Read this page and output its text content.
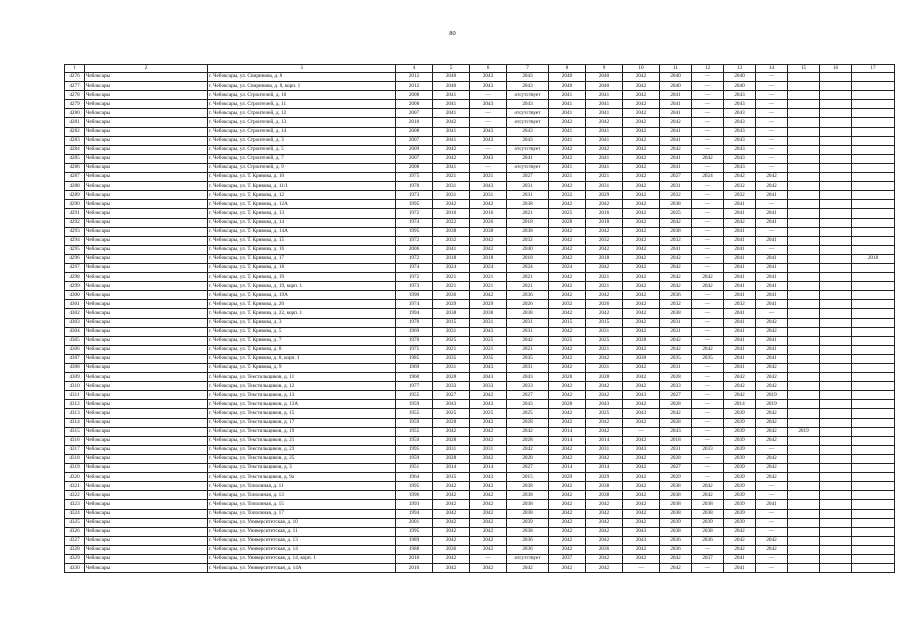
80
1	2	3	4	5	6	7	8	9	10	11	12	13	14	15	16	17
4276	Чебоксары	г. Чебоксары, ул. Спиринова, д. 8	2012	2040	2043	2043	2040	2040	2042	2040	—	2040	—			
4277	Чебоксары	г. Чебоксары, ул. Спиринова, д. 8, корп. 1	2012	2040	2043	2043	2040	2040	2042	2040	—	2040	—			
4278	Чебоксары	г. Чебоксары, ул. Строителей, д. 10	2008	2041	—	отсутствует	2041	2041	2042	2041	—	2043	—			
4279	Чебоксары	г. Чебоксары, ул. Строителей, д. 11	2008	2041	2043	2043	2041	2041	2042	2041	—	2043	—			
4280	Чебоксары	г. Чебоксары, ул. Строителей, д. 12	2007	2041	—	отсутствует	2041	2041	2042	2041	—	2043	—			
4281	Чебоксары	г. Чебоксары, ул. Строителей, д. 13	2010	2042	—	отсутствует	2042	2042	2042	2042	—	2043	—			
4282	Чебоксары	г. Чебоксары, ул. Строителей, д. 14	2008	2041	2043	2043	2041	2041	2042	2041	—	2043	—			
4283	Чебоксары	г. Чебоксары, ул. Строителей, д. 3	2007	2041	2043	2043	2041	2041	2042	2041	—	2043	—			
4284	Чебоксары	г. Чебоксары, ул. Строителей, д. 5	2009	2042	—	отсутствует	2042	2042	2042	2042	—	2043	—			
4285	Чебоксары	г. Чебоксары, ул. Строителей, д. 7	2007	2042	2043	2041	2042	2041	2042	2041	2042	2043	—			
4286	Чебоксары	г. Чебоксары, ул. Строителей, д. 9	2008	2041	—	отсутствует	2041	2041	2042	2041	—	2043	—			
4287	Чебоксары	г. Чебоксары, ул. Т. Кривова, д. 10	1975	2021	2021	2027	2021	2021	2042	2027	2024	2042	2042			
4288	Чебоксары	г. Чебоксары, ул. Т. Кривова, д. 11/1	1970	2031	2043	2031	2042	2031	2042	2031	—	2032	2042			
4289	Чебоксары	г. Чебоксары, ул. Т. Кривова, д. 12	1973	2031	2031	2031	2032	2029	2042	2032	—	2032	2041			
4290	Чебоксары	г. Чебоксары, ул. Т. Кривова, д. 12А	1995	2042	2042	2038	2042	2042	2042	2038	—	2041	—			
4291	Чебоксары	г. Чебоксары, ул. Т. Кривова, д. 13	1972	2016	2016	2021	2025	2016	2042	2025	—	2041	2041			
4292	Чебоксары	г. Чебоксары, ул. Т. Кривова, д. 14	1974	2022	2026	2018	2028	2018	2042	2042	—	2042	2041			
4293	Чебоксары	г. Чебоксары, ул. Т. Кривова, д. 14А	1995	2038	2038	2038	2042	2042	2042	2038	—	2041	—			
4294	Чебоксары	г. Чебоксары, ул. Т. Кривова, д. 15	1972	2032	2042	2032	2042	2032	2042	2032	—	2041	2041			
4295	Чебоксары	г. Чебоксары, ул. Т. Кривова, д. 16	2006	2041	2042	2040	2042	2042	2042	2041	—	2041	—			
4296	Чебоксары	г. Чебоксары, ул. Т. Кривова, д. 17	1972	2018	2018	2018	2042	2018	2042	2042	—	2041	2041			2018
4297	Чебоксары	г. Чебоксары, ул. Т. Кривова, д. 18	1974	2024	2024	2024	2024	2042	2042	2042	—	2041	2041			
4298	Чебоксары	г. Чебоксары, ул. Т. Кривова, д. 19	1972	2021	2021	2021	2042	2021	2042	2042	2042	2041	2041			
4299	Чебоксары	г. Чебоксары, ул. Т. Кривова, д. 19, корп. 1	1973	2021	2021	2021	2042	2021	2042	2042	2042	2041	2041			
4300	Чебоксары	г. Чебоксары, ул. Т. Кривова, д. 19А	1990	2036	2042	2036	2042	2042	2042	2036	—	2041	2041			
4301	Чебоксары	г. Чебоксары, ул. Т. Кривова, д. 20	1974	2029	2029	2026	2032	2026	2042	2032	—	2032	2041			
4302	Чебоксары	г. Чебоксары, ул. Т. Кривова, д. 22, корп. 1	1994	2038	2038	2038	2042	2042	2042	2038	—	2041	—			
4303	Чебоксары	г. Чебоксары, ул. Т. Кривова, д. 3	1970	2015	2031	2031	2015	2015	2042	2031	—	2041	2042			
4304	Чебоксары	г. Чебоксары, ул. Т. Кривова, д. 5	1969	2031	2043	2031	2042	2031	2042	2031	—	2041	2042			
4305	Чебоксары	г. Чебоксары, ул. Т. Кривова, д. 7	1970	2025	2025	2042	2025	2025	2028	2042	—	2041	2041			
4306	Чебоксары	г. Чебоксары, ул. Т. Кривова, д. 8	1975	2021	2021	2021	2042	2021	2042	2042	2042	2041	2041			
4307	Чебоксары	г. Чебоксары, ул. Т. Кривова, д. 8, корп. 1	1985	2035	2035	2035	2042	2042	2030	2035	2035	2041	2041			
4308	Чебоксары	г. Чебоксары, ул. Т. Кривова, д. 9	1969	2031	2043	2031	2042	2031	2042	2031	—	2041	2042			
4309	Чебоксары	г. Чебоксары, ул. Текстильщиков, д. 11	1960	2028	2043	2043	2028	2028	2042	2028	—	2042	2042			
4310	Чебоксары	г. Чебоксары, ул. Текстильщиков, д. 12	1977	2033	2033	2033	2042	2042	2042	2033	—	2042	2042			
4311	Чебоксары	г. Чебоксары, ул. Текстильщиков, д. 13	1955	2027	2042	2027	2042	2042	2043	2027	—	2042	2019			
4312	Чебоксары	г. Чебоксары, ул. Текстильщиков, д. 13А	1959	2043	2043	2043	2028	2043	2042	2028	—	2014	2019			
4313	Чебоксары	г. Чебоксары, ул. Текстильщиков, д. 15	1955	2025	2025	2025	2042	2025	2043	2042	—	2039	2042			
4314	Чебоксары	г. Чебоксары, ул. Текстильщиков, д. 17	1959	2028	2042	2028	2042	2042	2042	2028	—	2039	2042			
4315	Чебоксары	г. Чебоксары, ул. Текстильщиков, д. 19	1955	2042	2042	2042	2014	2042	—	2043	—	2039	2042	2019		
4316	Чебоксары	г. Чебоксары, ул. Текстильщиков, д. 21	1959	2028	2042	2028	2014	2014	2042	2018	—	2039	2042			
4317	Чебоксары	г. Чебоксары, ул. Текстильщиков, д. 23	1995	2031	2031	2042	2042	2031	2043	2031	2033	2039	—			
4318	Чебоксары	г. Чебоксары, ул. Текстильщиков, д. 25	1959	2028	2042	2028	2042	2042	2042	2028	—	2039	2042			
4319	Чебоксары	г. Чебоксары, ул. Текстильщиков, д. 3	1951	2014	2014	2027	2014	2014	2042	2027	—	2039	2042			
4320	Чебоксары	г. Чебоксары, ул. Текстильщиков, д. 9а	1964	2015	2043	2015	2029	2029	2042	2029	—	2039	2042			
4321	Чебоксары	г. Чебоксары, ул. Тополиная, д. 11	1995	2042	2042	2038	2042	2038	2042	2038	2042	2039	—			
4322	Чебоксары	г. Чебоксары, ул. Тополиная, д. 13	1996	2042	2042	2038	2042	2038	2042	2038	2042	2039	—			
4323	Чебоксары	г. Чебоксары, ул. Тополиная, д. 15	1993	2042	2042	2038	2042	2042	2042	2038	2038	2039	2041			
4324	Чебоксары	г. Чебоксары, ул. Тополиная, д. 17	1994	2042	2042	2038	2042	2042	2042	2038	2038	2039	—			
4325	Чебоксары	г. Чебоксары, ул. Университетская, д. 10	2001	2042	2042	2039	2042	2042	2042	2039	2039	2039	—			
4326	Чебоксары	г. Чебоксары, ул. Университетская, д. 11	1995	2042	2042	2038	2042	2042	2043	2038	2038	2042	—			
4327	Чебоксары	г. Чебоксары, ул. Университетская, д. 13	1989	2042	2042	2036	2042	2042	2043	2036	2036	2042	2042			
4328	Чебоксары	г. Чебоксары, ул. Университетская, д. 14	1988	2036	2042	2036	2042	2036	2042	2036	—	2042	2042			
4329	Чебоксары	г. Чебоксары, ул. Университетская, д. 14, корп. 1	2010	2042	—	отсутствует	2037	2042	2042	2042	2037	2041	—			
4330	Чебоксары	г. Чебоксары, ул. Университетская, д. 14А	2010	2042	2042	2042	2042	2042	—	2042	—	2041	—			
